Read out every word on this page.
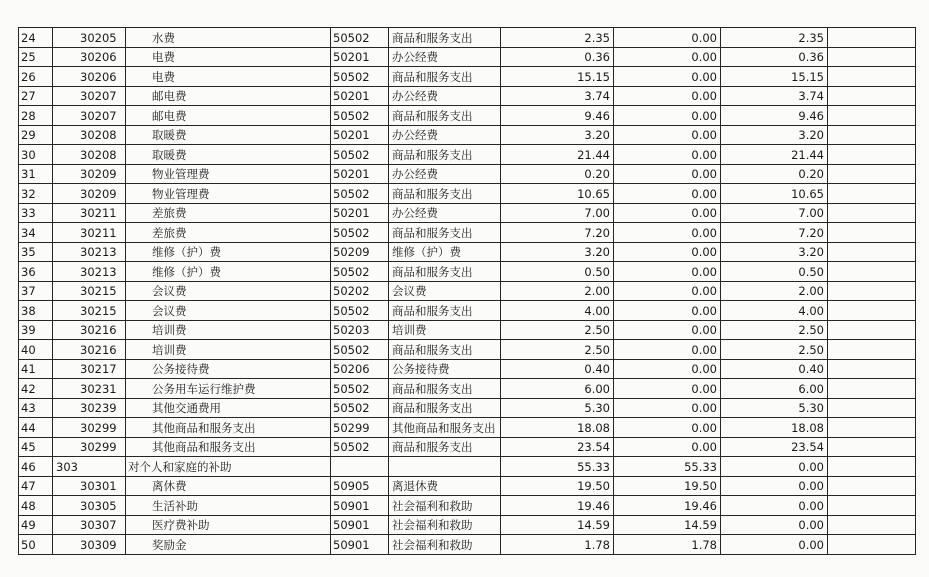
24	30205	水费	50502	商品和服务支出	2.35	0.00	2.35	
25	30206	电费	50201	办公经费	0.36	0.00	0.36	
26	30206	电费	50502	商品和服务支出	15.15	0.00	15.15	
27	30207	邮电费	50201	办公经费	3.74	0.00	3.74	
28	30207	邮电费	50502	商品和服务支出	9.46	0.00	9.46	
29	30208	取暖费	50201	办公经费	3.20	0.00	3.20	
30	30208	取暖费	50502	商品和服务支出	21.44	0.00	21.44	
31	30209	物业管理费	50201	办公经费	0.20	0.00	0.20	
32	30209	物业管理费	50502	商品和服务支出	10.65	0.00	10.65	
33	30211	差旅费	50201	办公经费	7.00	0.00	7.00	
34	30211	差旅费	50502	商品和服务支出	7.20	0.00	7.20	
35	30213	维修（护）费	50209	维修（护）费	3.20	0.00	3.20	
36	30213	维修（护）费	50502	商品和服务支出	0.50	0.00	0.50	
37	30215	会议费	50202	会议费	2.00	0.00	2.00	
38	30215	会议费	50502	商品和服务支出	4.00	0.00	4.00	
39	30216	培训费	50203	培训费	2.50	0.00	2.50	
40	30216	培训费	50502	商品和服务支出	2.50	0.00	2.50	
41	30217	公务接待费	50206	公务接待费	0.40	0.00	0.40	
42	30231	公务用车运行维护费	50502	商品和服务支出	6.00	0.00	6.00	
43	30239	其他交通费用	50502	商品和服务支出	5.30	0.00	5.30	
44	30299	其他商品和服务支出	50299	其他商品和服务支出	18.08	0.00	18.08	
45	30299	其他商品和服务支出	50502	商品和服务支出	23.54	0.00	23.54	
46	303	对个人和家庭的补助			55.33	55.33	0.00	
47	30301	离休费	50905	离退休费	19.50	19.50	0.00	
48	30305	生活补助	50901	社会福利和救助	19.46	19.46	0.00	
49	30307	医疗费补助	50901	社会福利和救助	14.59	14.59	0.00	
50	30309	奖励金	50901	社会福利和救助	1.78	1.78	0.00	
